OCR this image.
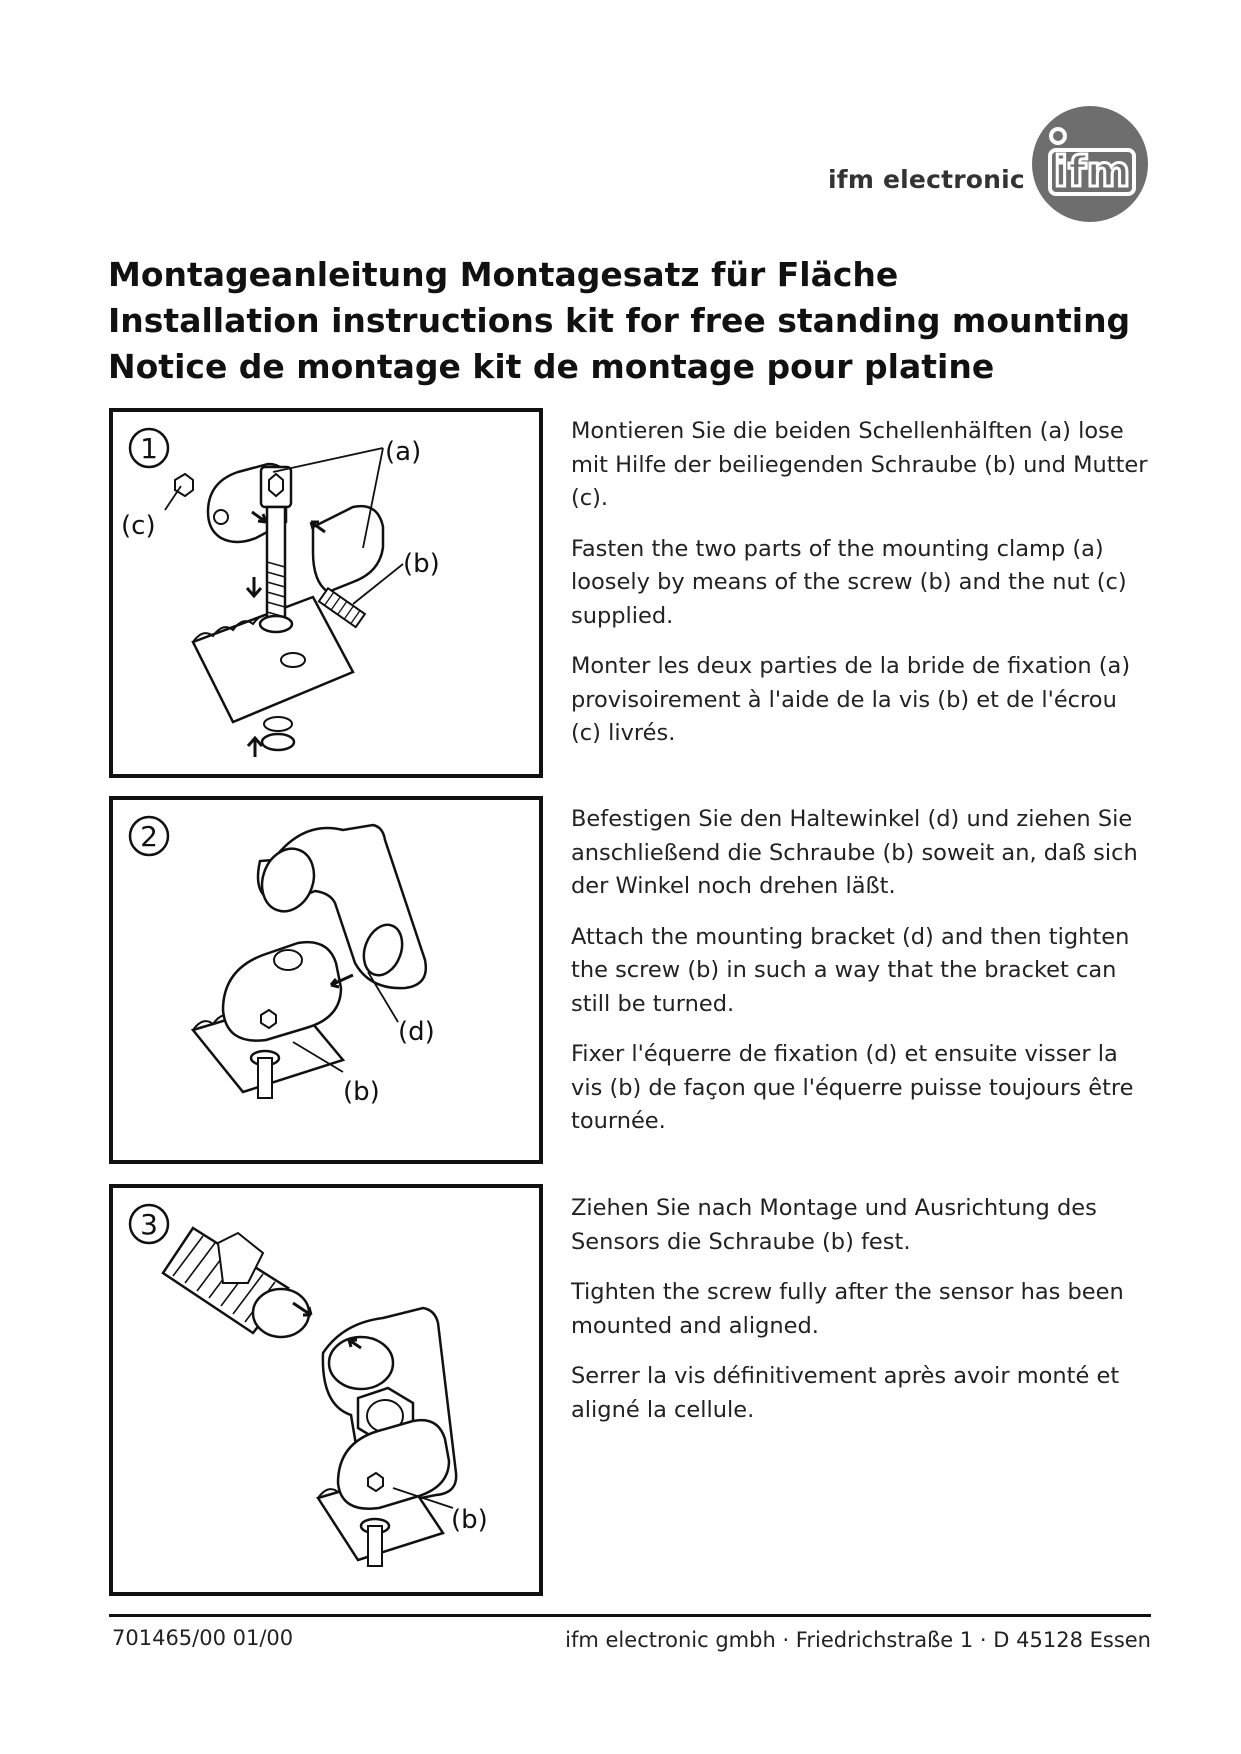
ifm electronic ifm
Montageanleitung Montagesatz für Fläche
Installation instructions kit for free standing mounting
Notice de montage kit de montage pour platine
1	(a)
(b)
(c)

Montieren Sie die beiden Schellenhälften (a) lose mit Hilfe der beiliegenden Schraube (b) und Mutter (c).

Fasten the two parts of the mounting clamp (a) loosely by means of the screw (b) and the nut (c) supplied.

Monter les deux parties de la bride de fixation (a) provisoirement à l'aide de la vis (b) et de l'écrou (c) livrés.

2
(d)
(b)

Befestigen Sie den Haltewinkel (d) und ziehen Sie anschließend die Schraube (b) soweit an, daß sich der Winkel noch drehen läßt.

Attach the mounting bracket (d) and then tighten the screw (b) in such a way that the bracket can still be turned.

Fixer l'équerre de fixation (d) et ensuite visser la vis (b) de façon que l'équerre puisse toujours être tournée.

3
(b)

Ziehen Sie nach Montage und Ausrichtung des Sensors die Schraube (b) fest.

Tighten the screw fully after the sensor has been mounted and aligned.

Serrer la vis définitivement après avoir monté et aligné la cellule.

701465/00 01/00	ifm electronic gmbh · Friedrichstraße 1 · D 45128 Essen
